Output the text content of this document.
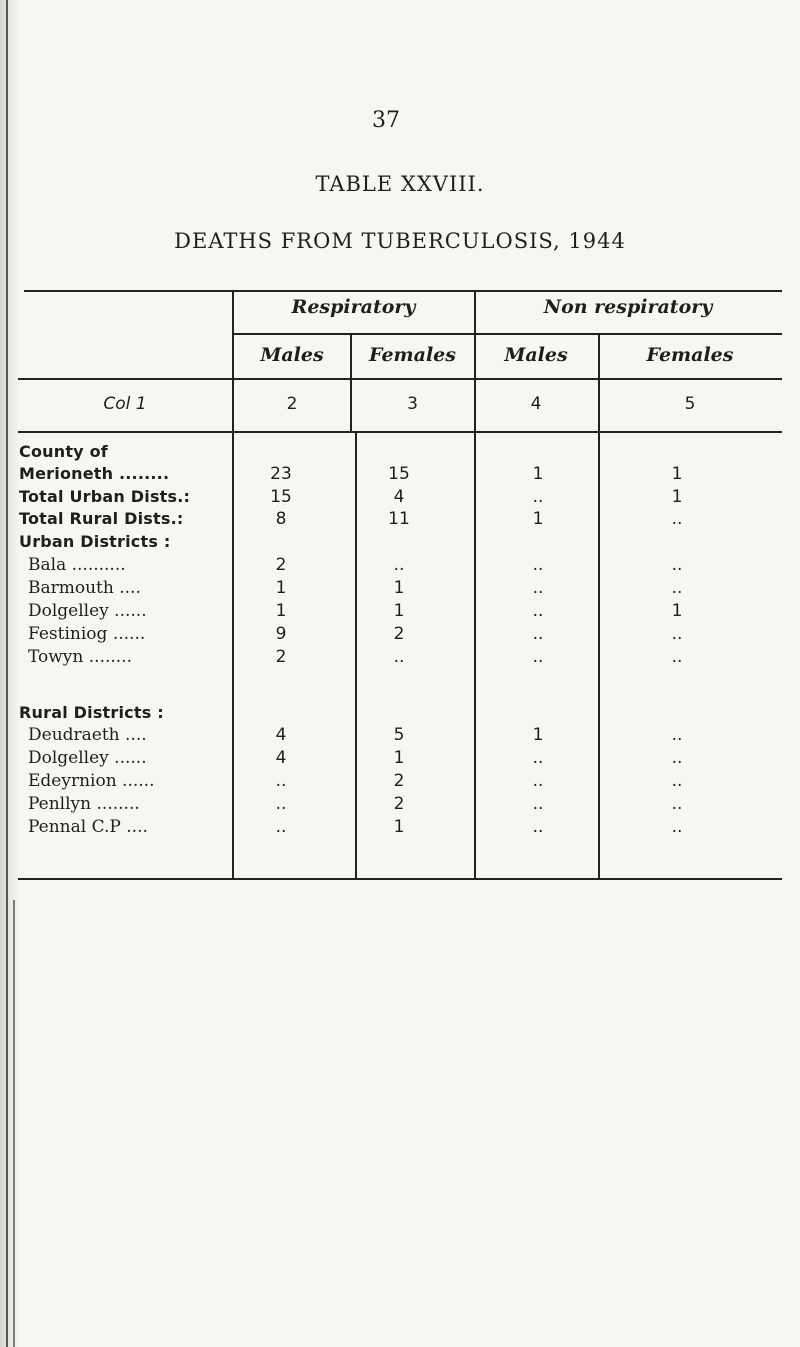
37
TABLE XXVIII.
DEATHS FROM TUBERCULOSIS, 1944
Respiratory	Non respiratory
Males	Females	Males	Females
Col 1	2	3	4	5
County of
Merioneth ........	23	15	1	1
Total Urban Dists.:	15	4	..	1
Total Rural Dists.:	8	11	1	..
Urban Districts :
Bala ..........	2	..	..	..
Barmouth ....	1	1	..	..
Dolgelley ......	1	1	..	1
Festiniog ......	9	2	..	..
Towyn ........	2	..	..	..
Rural Districts :
Deudraeth ....	4	5	1	..
Dolgelley ......	4	1	..	..
Edeyrnion ......	..	2	..	..
Penllyn ........	..	2	..	..
Pennal C.P ....	..	1	..	..
